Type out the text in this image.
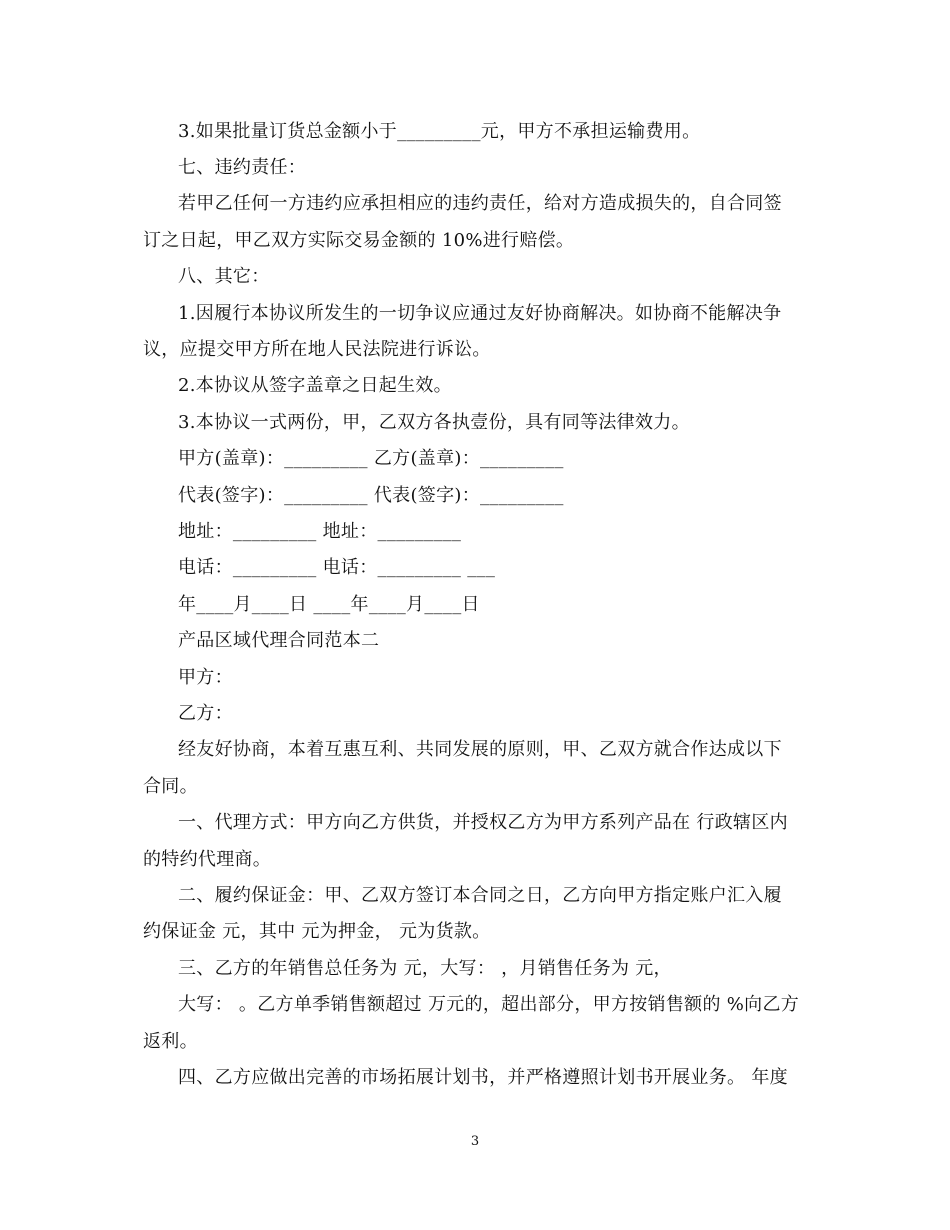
3.如果批量订货总金额小于_________元，甲方不承担运输费用。
七、违约责任：
若甲乙任何一方违约应承担相应的违约责任，给对方造成损失的，自合同签
订之日起，甲乙双方实际交易金额的 10%进行赔偿。
八、其它：
1.因履行本协议所发生的一切争议应通过友好协商解决。如协商不能解决争
议，应提交甲方所在地人民法院进行诉讼。
2.本协议从签字盖章之日起生效。
3.本协议一式两份，甲，乙双方各执壹份，具有同等法律效力。
甲方(盖章)：_________ 乙方(盖章)：_________
代表(签字)：_________ 代表(签字)：_________
地址：_________ 地址：_________
电话：_________ 电话：_________ ___
年____月____日 ____年____月____日
产品区域代理合同范本二
甲方：
乙方：
经友好协商，本着互惠互利、共同发展的原则，甲、乙双方就合作达成以下
合同。
一、代理方式：甲方向乙方供货，并授权乙方为甲方系列产品在 行政辖区内
的特约代理商。
二、履约保证金：甲、乙双方签订本合同之日，乙方向甲方指定账户汇入履
约保证金 元，其中 元为押金， 元为货款。
三、乙方的年销售总任务为 元，大写： ，月销售任务为 元，
大写： 。乙方单季销售额超过 万元的，超出部分，甲方按销售额的 %向乙方
返利。
四、乙方应做出完善的市场拓展计划书，并严格遵照计划书开展业务。 年度
3
